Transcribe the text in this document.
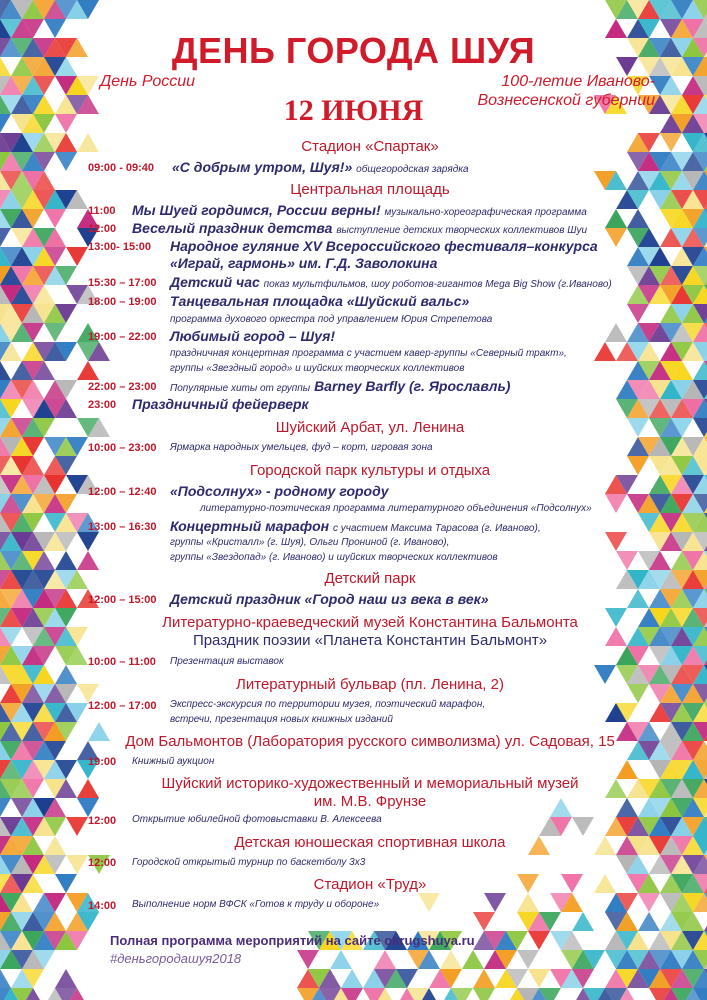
ДЕНЬ ГОРОДА ШУЯ
День России	100-летие Иваново-
Вознесенской губернии
12 ИЮНЯ
Стадион «Спартак»
09:00 - 09:40 «С добрым утром, Шуя!» общегородская зарядка
Центральная площадь
11:00 Мы Шуей гордимся, России верны! музыкально-хореографическая программа
12:00 Веселый праздник детства выступление детских творческих коллективов Шуи
13:00- 15:00 Народное гуляние XV Всероссийского фестиваля–конкурса
«Играй, гармонь» им. Г.Д. Заволокина
15:30 – 17:00 Детский час показ мультфильмов, шоу роботов-гигантов Mega Big Show (г.Иваново)
18:00 – 19:00 Танцевальная площадка «Шуйский вальс»
программа духового оркестра под управлением Юрия Стрепетова
19:00 – 22:00 Любимый город – Шуя!
праздничная концертная программа с участием кавер-группы «Северный тракт»,
группы «Звездный город» и шуйских творческих коллективов
22:00 – 23:00 Популярные хиты от группы Barney Barfly (г. Ярославль)
23:00 Праздничный фейерверк
Шуйский Арбат, ул. Ленина
10:00 – 23:00 Ярмарка народных умельцев, фуд – корт, игровая зона
Городской парк культуры и отдыха
12:00 – 12:40 «Подсолнух» - родному городу
литературно-поэтическая программа литературного объединения «Подсолнух»
13:00 – 16:30 Концертный марафон с участием Максима Тарасова (г. Иваново),
группы «Кристалл» (г. Шуя), Ольги Прониной (г. Иваново),
группы «Звездопад» (г. Иваново) и шуйских творческих коллективов
Детский парк
12:00 – 15:00 Детский праздник «Город наш из века в век»
Литературно-краеведческий музей Константина Бальмонта
Праздник поэзии «Планета Константин Бальмонт»
10:00 – 11:00 Презентация выставок
Литературный бульвар (пл. Ленина, 2)
12:00 – 17:00 Экспресс-экскурсия по территории музея, поэтический марафон,
встречи, презентация новых книжных изданий
Дом Бальмонтов (Лаборатория русского символизма) ул. Садовая, 15
19:00 Книжный аукцион
Шуйский историко-художественный и мемориальный музей
им. М.В. Фрунзе
12:00 Открытие юбилейной фотовыставки В. Алексеева
Детская юношеская спортивная школа
12:00 Городской открытый турнир по баскетболу 3х3
Стадион «Труд»
14:00 Выполнение норм ВФСК «Готов к труду и обороне»
Полная программа мероприятий на сайте okrugshuya.ru
#деньгородашуя2018
